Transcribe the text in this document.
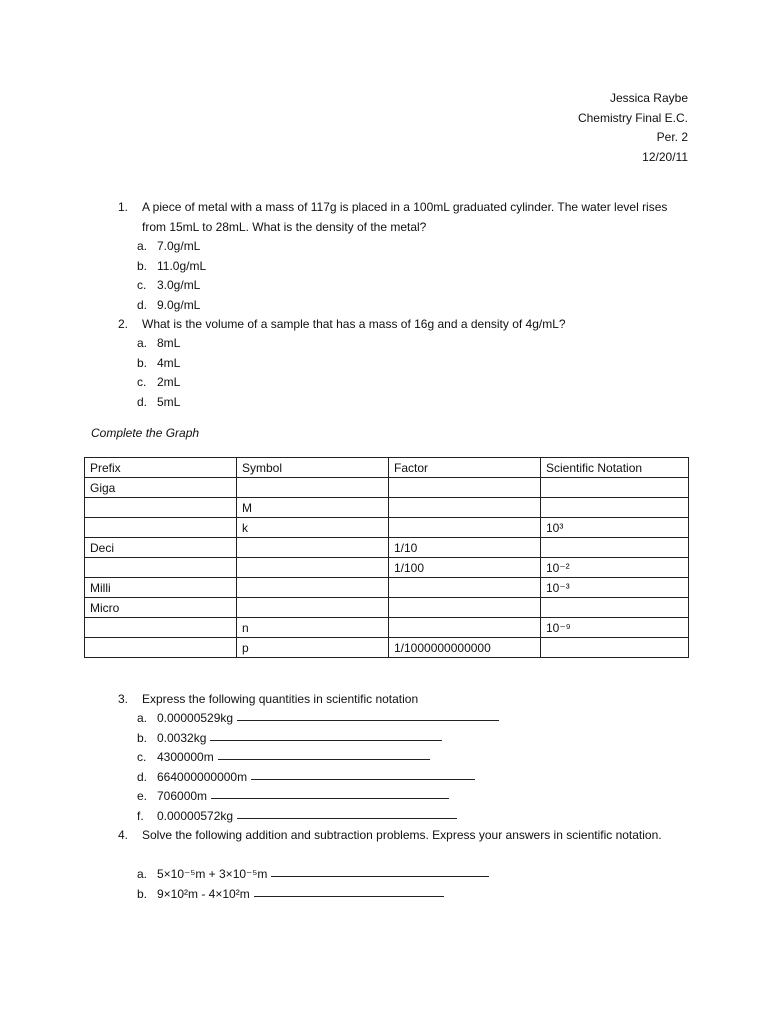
Jessica Raybe
Chemistry Final E.C.
Per. 2
12/20/11
1. A piece of metal with a mass of 117g is placed in a 100mL graduated cylinder. The water level rises from 15mL to 28mL. What is the density of the metal?
a. 7.0g/mL
b. 11.0g/mL
c. 3.0g/mL
d. 9.0g/mL
2. What is the volume of a sample that has a mass of 16g and a density of 4g/mL?
a. 8mL
b. 4mL
c. 2mL
d. 5mL
Complete the Graph
Prefix	Symbol	Factor	Scientific Notation
Giga			
	M		
	k		10³
Deci		1/10	
		1/100	10⁻²
Milli			10⁻³
Micro			
	n		10⁻⁹
	p	1/1000000000000	
3. Express the following quantities in scientific notation
a. 0.00000529kg
b. 0.0032kg
c. 4300000m
d. 664000000000m
e. 706000m
f.	0.00000572kg
4. Solve the following addition and subtraction problems. Express your answers in scientific notation.
a. 5×10⁻⁵m + 3×10⁻⁵m
b. 9×10²m - 4×10²m
